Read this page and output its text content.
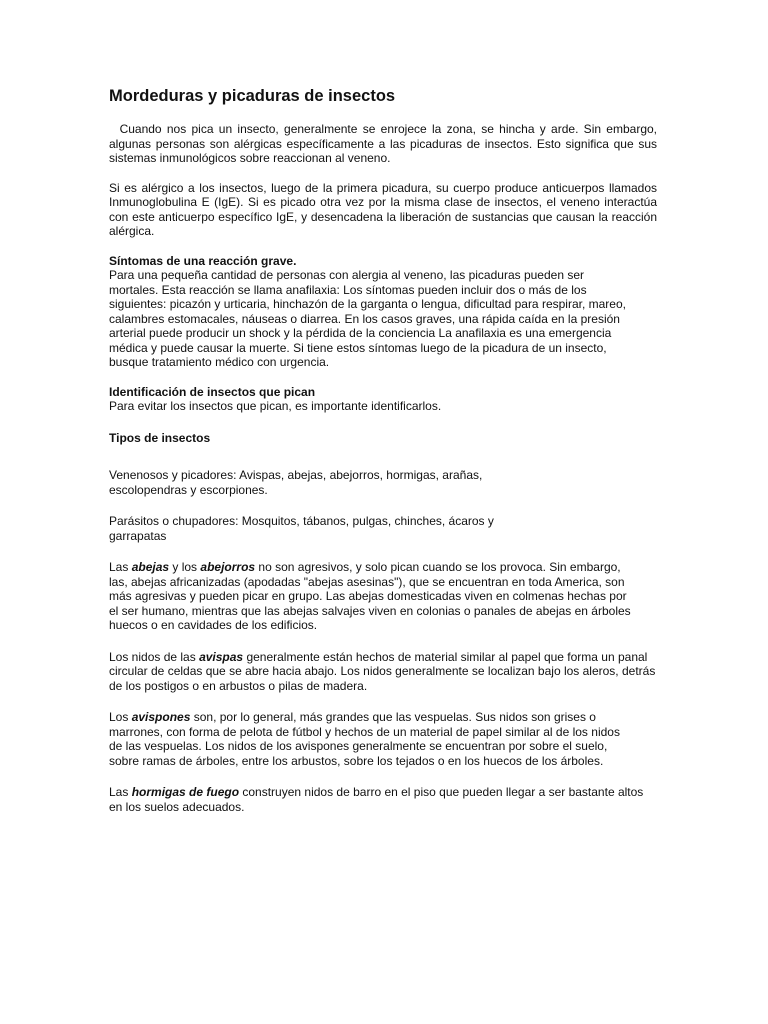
Mordeduras y picaduras de insectos

Cuando nos pica un insecto, generalmente se enrojece la zona, se hincha y arde. Sin embargo, algunas personas son alérgicas específicamente a las picaduras de insectos. Esto significa que sus sistemas inmunológicos sobre reaccionan al veneno.

Si es alérgico a los insectos, luego de la primera picadura, su cuerpo produce anticuerpos llamados Inmunoglobulina E (IgE). Si es picado otra vez por la misma clase de insectos, el veneno interactúa con este anticuerpo específico IgE, y desencadena la liberación de sustancias que causan la reacción alérgica.

Síntomas de una reacción grave.

Para una pequeña cantidad de personas con alergia al veneno, las picaduras pueden ser mortales. Esta reacción se llama anafilaxia: Los síntomas pueden incluir dos o más de los siguientes: picazón y urticaria, hinchazón de la garganta o lengua, dificultad para respirar, mareo, calambres estomacales, náuseas o diarrea. En los casos graves, una rápida caída en la presión arterial puede producir un shock y la pérdida de la conciencia La anafilaxia es una emergencia médica y puede causar la muerte. Si tiene estos síntomas luego de la picadura de un insecto, busque tratamiento médico con urgencia.

Identificación de insectos que pican

Para evitar los insectos que pican, es importante identificarlos.

Tipos de insectos

Venenosos y picadores: Avispas, abejas, abejorros, hormigas, arañas, escolopendras y escorpiones.

Parásitos o chupadores: Mosquitos, tábanos, pulgas, chinches, ácaros y garrapatas

Las abejas y los abejorros no son agresivos, y solo pican cuando se los provoca. Sin embargo, las, abejas africanizadas (apodadas "abejas asesinas"), que se encuentran en toda America, son más agresivas y pueden picar en grupo. Las abejas domesticadas viven en colmenas hechas por el ser humano, mientras que las abejas salvajes viven en colonias o panales de abejas en árboles huecos o en cavidades de los edificios.

Los nidos de las avispas generalmente están hechos de material similar al papel que forma un panal circular de celdas que se abre hacia abajo. Los nidos generalmente se localizan bajo los aleros, detrás de los postigos o en arbustos o pilas de madera.

Los avispones son, por lo general, más grandes que las vespuelas. Sus nidos son grises o marrones, con forma de pelota de fútbol y hechos de un material de papel similar al de los nidos de las vespuelas. Los nidos de los avispones generalmente se encuentran por sobre el suelo, sobre ramas de árboles, entre los arbustos, sobre los tejados o en los huecos de los árboles.

Las hormigas de fuego construyen nidos de barro en el piso que pueden llegar a ser bastante altos en los suelos adecuados.
